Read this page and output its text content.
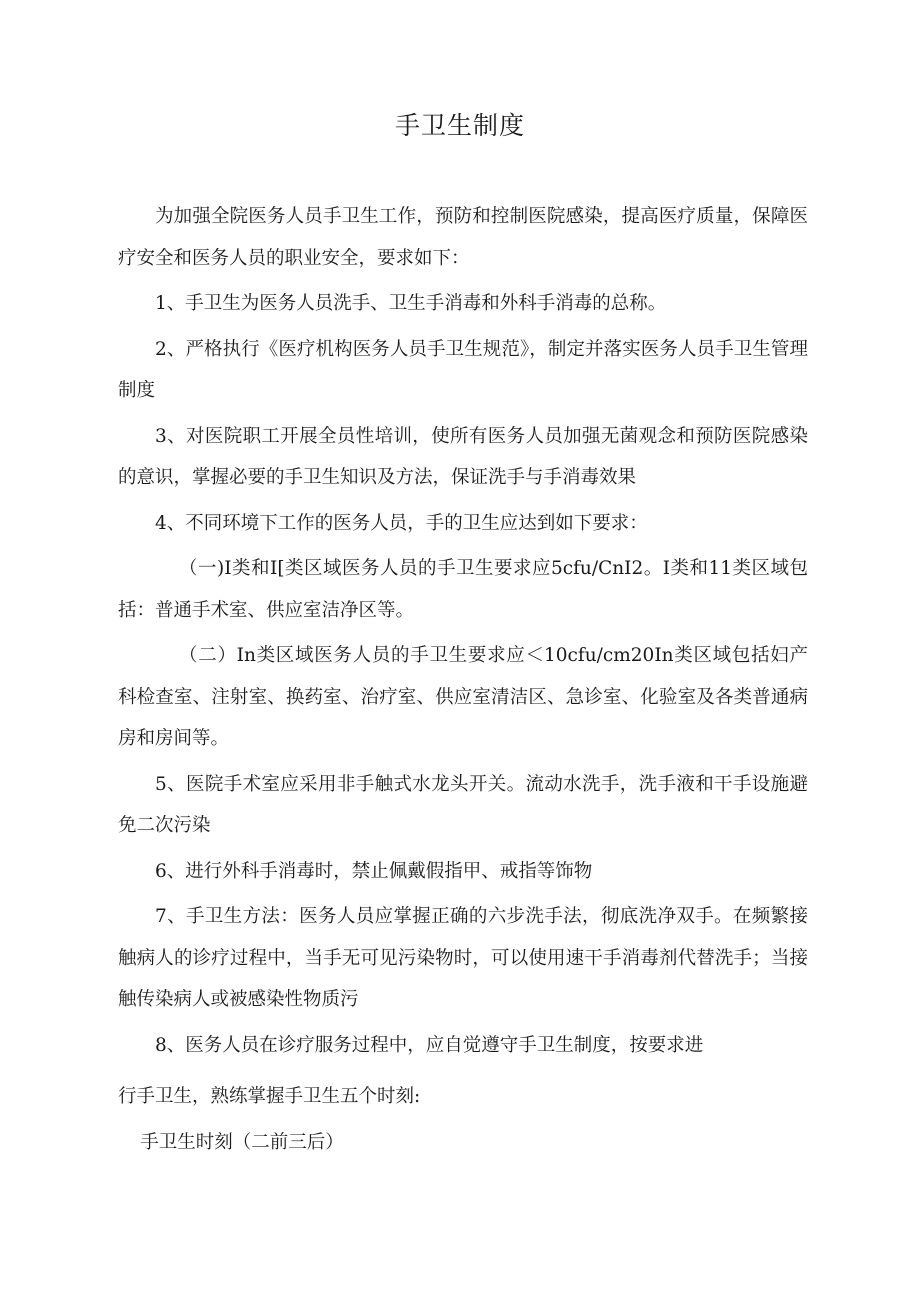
手卫生制度

为加强全院医务人员手卫生工作，预防和控制医院感染，提高医疗质量，保障医疗安全和医务人员的职业安全，要求如下：

1、手卫生为医务人员洗手、卫生手消毒和外科手消毒的总称。

2、严格执行《医疗机构医务人员手卫生规范》，制定并落实医务人员手卫生管理制度

3、对医院职工开展全员性培训，使所有医务人员加强无菌观念和预防医院感染的意识，掌握必要的手卫生知识及方法，保证洗手与手消毒效果

4、不同环境下工作的医务人员，手的卫生应达到如下要求：

（一)I类和I[类区域医务人员的手卫生要求应5cfu/CnI2。I类和11类区域包括：普通手术室、供应室洁净区等。

（二）In类区域医务人员的手卫生要求应＜10cfu/cm20In类区域包括妇产科检查室、注射室、换药室、治疗室、供应室清洁区、急诊室、化验室及各类普通病房和房间等。

5、医院手术室应采用非手触式水龙头开关。流动水洗手，洗手液和干手设施避免二次污染

6、进行外科手消毒时，禁止佩戴假指甲、戒指等饰物

7、手卫生方法：医务人员应掌握正确的六步洗手法，彻底洗净双手。在频繁接触病人的诊疗过程中，当手无可见污染物时，可以使用速干手消毒剂代替洗手；当接触传染病人或被感染性物质污

8、医务人员在诊疗服务过程中，应自觉遵守手卫生制度，按要求进

行手卫生，熟练掌握手卫生五个时刻:

手卫生时刻（二前三后）
